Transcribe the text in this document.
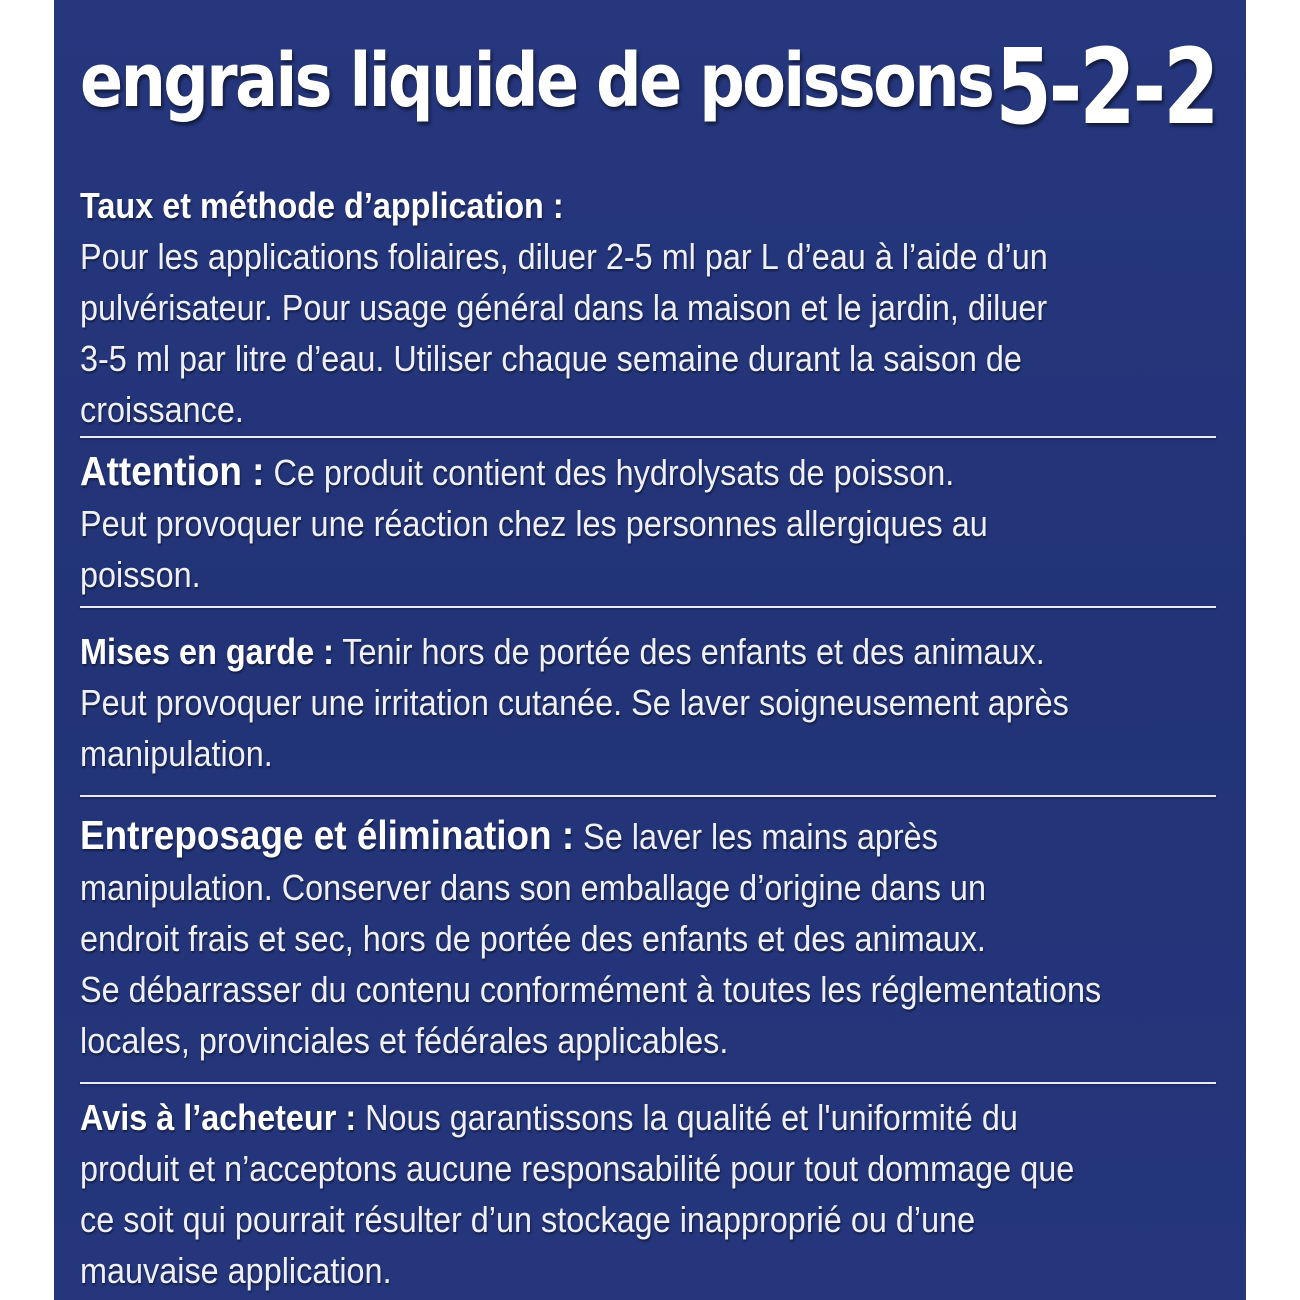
engrais liquide de poissons 5-2-2
Taux et méthode d’application :
Pour les applications foliaires, diluer 2-5 ml par L d’eau à l’aide d’un
pulvérisateur. Pour usage général dans la maison et le jardin, diluer
3-5 ml par litre d’eau. Utiliser chaque semaine durant la saison de
croissance.
Attention : Ce produit contient des hydrolysats de poisson.
Peut provoquer une réaction chez les personnes allergiques au
poisson.
Mises en garde : Tenir hors de portée des enfants et des animaux.
Peut provoquer une irritation cutanée. Se laver soigneusement après
manipulation.
Entreposage et élimination : Se laver les mains après
manipulation. Conserver dans son emballage d’origine dans un
endroit frais et sec, hors de portée des enfants et des animaux.
Se débarrasser du contenu conformément à toutes les réglementations
locales, provinciales et fédérales applicables.
Avis à l’acheteur : Nous garantissons la qualité et l'uniformité du
produit et n’acceptons aucune responsabilité pour tout dommage que
ce soit qui pourrait résulter d’un stockage inapproprié ou d’une
mauvaise application.
